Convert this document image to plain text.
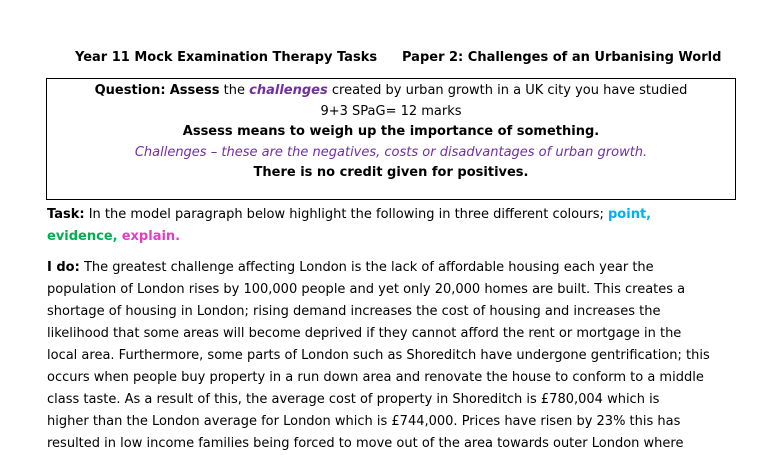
Year 11 Mock Examination Therapy Tasks Paper 2: Challenges of an Urbanising World
Question: Assess the challenges created by urban growth in a UK city you have studied
9+3 SPaG= 12 marks
Assess means to weigh up the importance of something.
Challenges – these are the negatives, costs or disadvantages of urban growth.
There is no credit given for positives.
Task: In the model paragraph below highlight the following in three different colours; point,
evidence, explain.
I do: The greatest challenge affecting London is the lack of affordable housing each year the
population of London rises by 100,000 people and yet only 20,000 homes are built. This creates a
shortage of housing in London; rising demand increases the cost of housing and increases the
likelihood that some areas will become deprived if they cannot afford the rent or mortgage in the
local area. Furthermore, some parts of London such as Shoreditch have undergone gentrification; this
occurs when people buy property in a run down area and renovate the house to conform to a middle
class taste. As a result of this, the average cost of property in Shoreditch is £780,004 which is
higher than the London average for London which is £744,000. Prices have risen by 23% this has
resulted in low income families being forced to move out of the area towards outer London where
